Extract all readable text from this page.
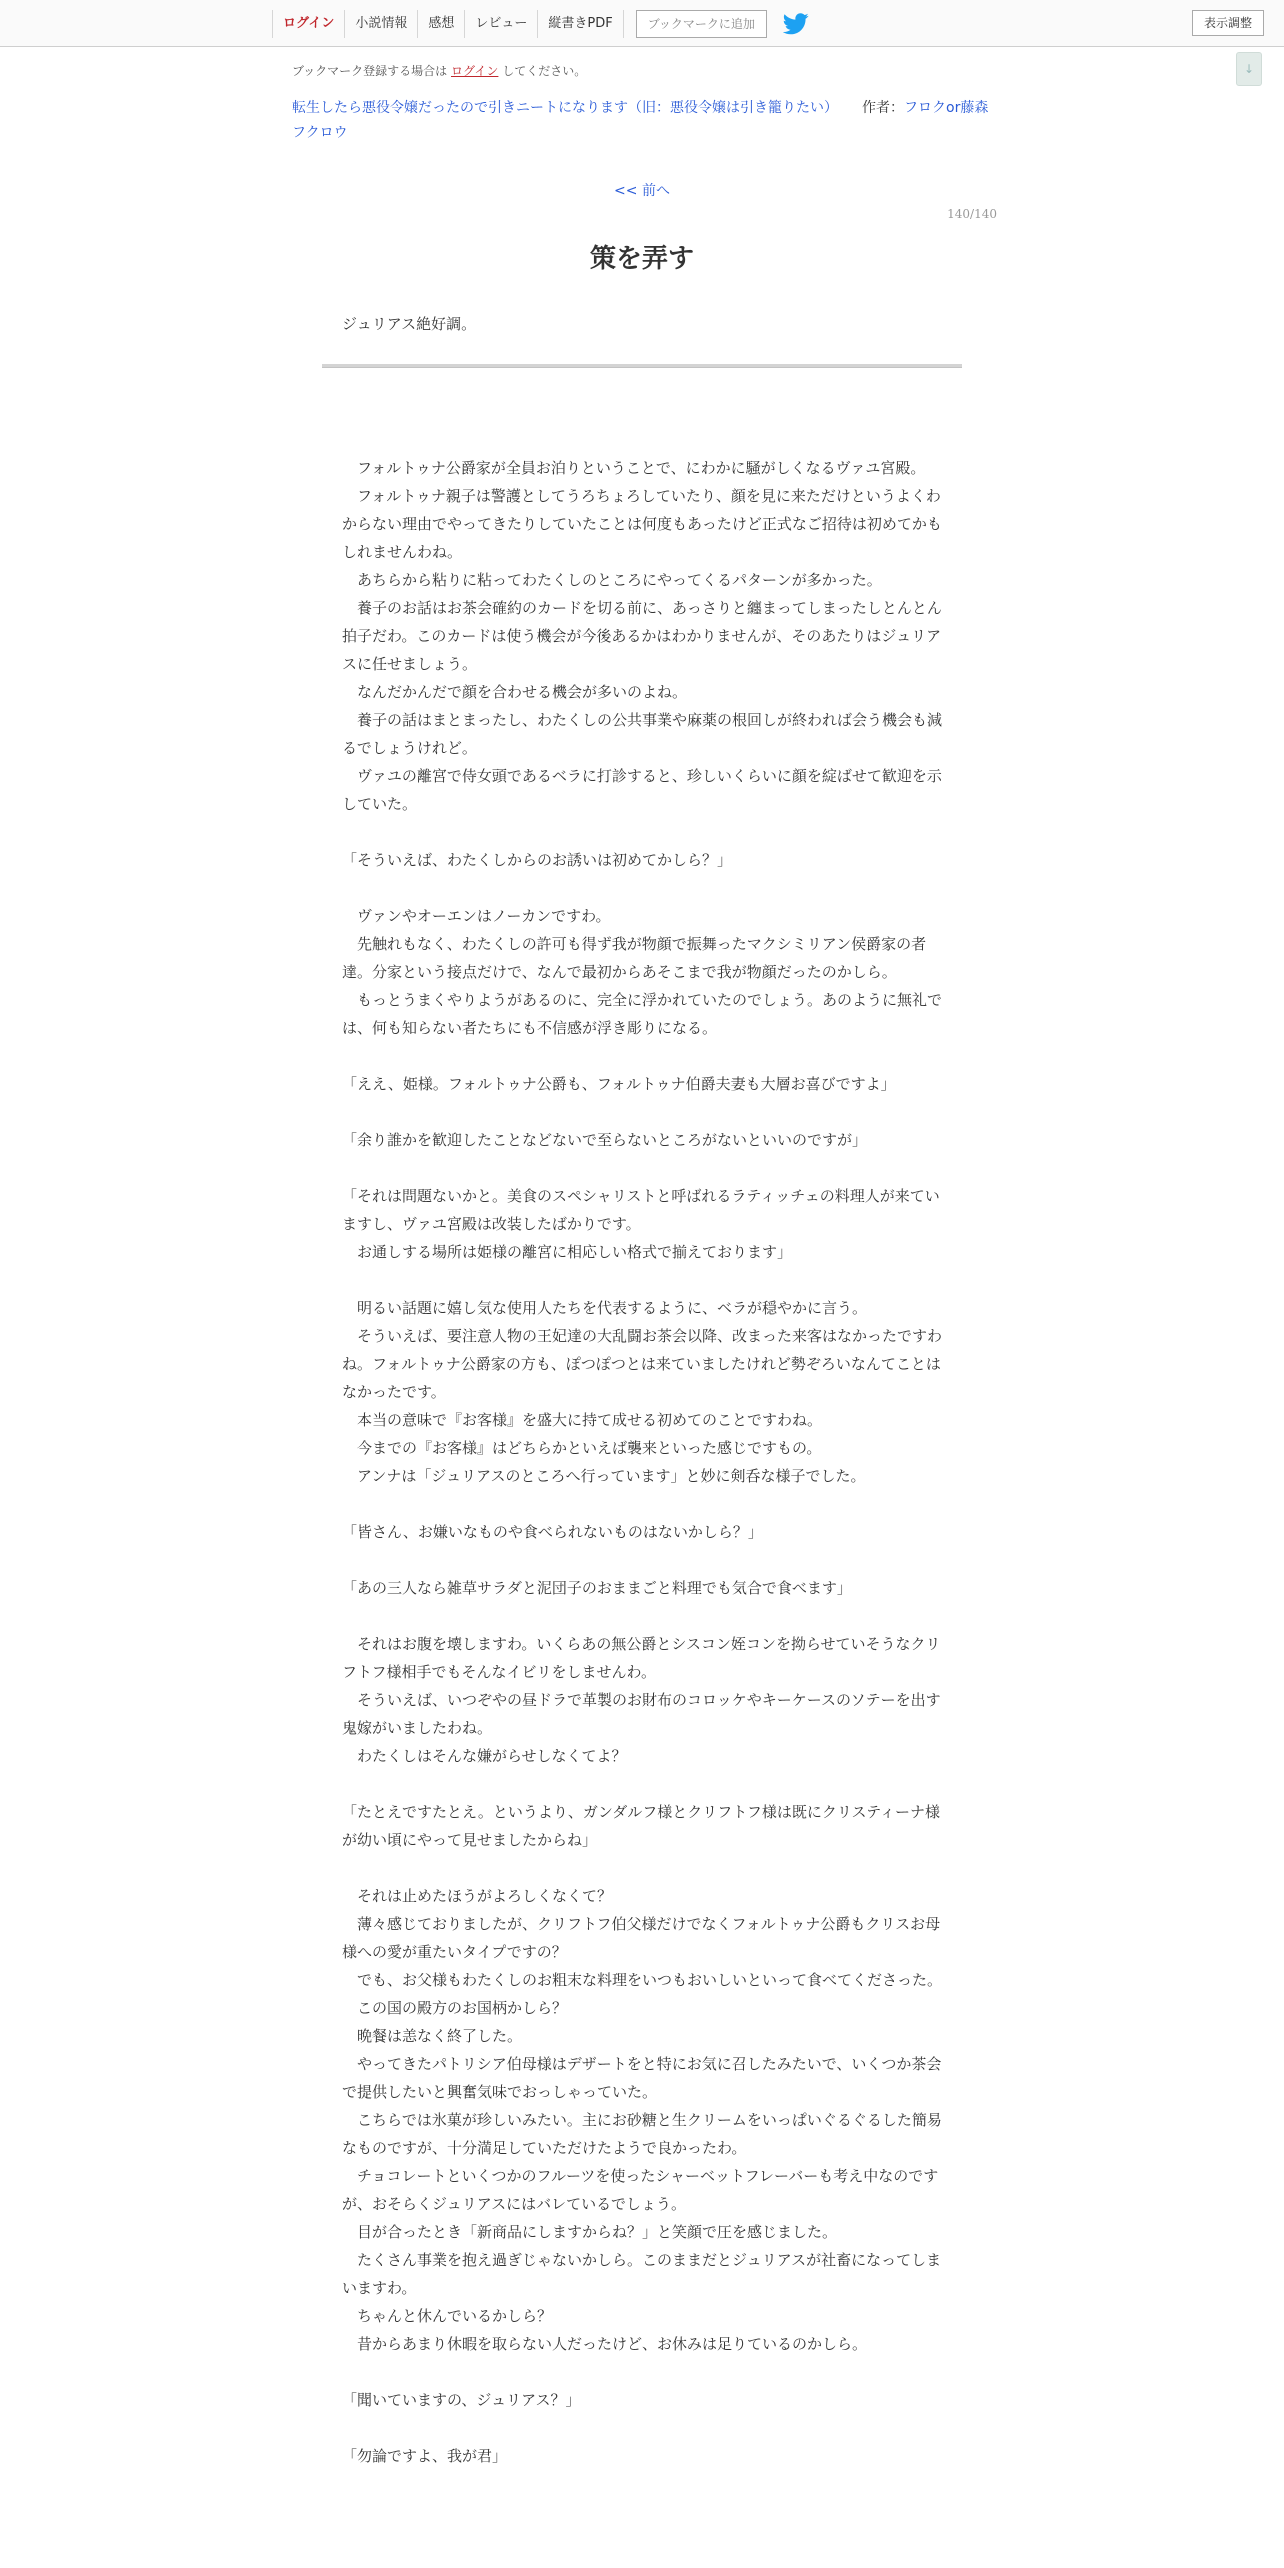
ログイン	小説情報	感想	レビュー	縦書きPDF	ブックマークに追加	表示調整
↓
ブックマーク登録する場合は ログイン してください。
転生したら悪役令嬢だったので引きニートになります（旧：悪役令嬢は引き籠りたい）	作者：フロクor藤森
フクロウ
<< 前へ
140/140
策を弄す
ジュリアス絶好調。

　フォルトゥナ公爵家が全員お泊りということで、にわかに騒がしくなるヴァユ宮殿。

　フォルトゥナ親子は警護としてうろちょろしていたり、顔を見に来ただけというよくわからない理由でやってきたりしていたことは何度もあったけど正式なご招待は初めてかもしれませんわね。

　あちらから粘りに粘ってわたくしのところにやってくるパターンが多かった。

　養子のお話はお茶会確約のカードを切る前に、あっさりと纏まってしまったしとんとん拍子だわ。このカードは使う機会が今後あるかはわかりませんが、そのあたりはジュリアスに任せましょう。

　なんだかんだで顔を合わせる機会が多いのよね。

　養子の話はまとまったし、わたくしの公共事業や麻薬の根回しが終われば会う機会も減るでしょうけれど。

　ヴァユの離宮で侍女頭であるベラに打診すると、珍しいくらいに顔を綻ばせて歓迎を示していた。

「そういえば、わたくしからのお誘いは初めてかしら？」

　ヴァンやオーエンはノーカンですわ。

　先触れもなく、わたくしの許可も得ず我が物顔で振舞ったマクシミリアン侯爵家の者達。分家という接点だけで、なんで最初からあそこまで我が物顔だったのかしら。

　もっとうまくやりようがあるのに、完全に浮かれていたのでしょう。あのように無礼では、何も知らない者たちにも不信感が浮き彫りになる。

「ええ、姫様。フォルトゥナ公爵も、フォルトゥナ伯爵夫妻も大層お喜びですよ」

「余り誰かを歓迎したことなどないで至らないところがないといいのですが」

「それは問題ないかと。美食のスペシャリストと呼ばれるラティッチェの料理人が来ていますし、ヴァユ宮殿は改装したばかりです。

　お通しする場所は姫様の離宮に相応しい格式で揃えております」

　明るい話題に嬉し気な使用人たちを代表するように、ベラが穏やかに言う。

　そういえば、要注意人物の王妃達の大乱闘お茶会以降、改まった来客はなかったですわね。フォルトゥナ公爵家の方も、ぽつぽつとは来ていましたけれど勢ぞろいなんてことはなかったです。

　本当の意味で『お客様』を盛大に持て成せる初めてのことですわね。

　今までの『お客様』はどちらかといえば襲来といった感じですもの。

　アンナは「ジュリアスのところへ行っています」と妙に剣呑な様子でした。

「皆さん、お嫌いなものや食べられないものはないかしら？」

「あの三人なら雑草サラダと泥団子のおままごと料理でも気合で食べます」

　それはお腹を壊しますわ。いくらあの無公爵とシスコン姪コンを拗らせていそうなクリフトフ様相手でもそんなイビリをしませんわ。

　そういえば、いつぞやの昼ドラで革製のお財布のコロッケやキーケースのソテーを出す鬼嫁がいましたわね。

　わたくしはそんな嫌がらせしなくてよ？

「たとえですたとえ。というより、ガンダルフ様とクリフトフ様は既にクリスティーナ様が幼い頃にやって見せましたからね」

　それは止めたほうがよろしくなくて？

　薄々感じておりましたが、クリフトフ伯父様だけでなくフォルトゥナ公爵もクリスお母様への愛が重たいタイプですの？

　でも、お父様もわたくしのお粗末な料理をいつもおいしいといって食べてくださった。

　この国の殿方のお国柄かしら？

　晩餐は恙なく終了した。

　やってきたパトリシア伯母様はデザートをと特にお気に召したみたいで、いくつか茶会で提供したいと興奮気味でおっしゃっていた。

　こちらでは氷菓が珍しいみたい。主にお砂糖と生クリームをいっぱいぐるぐるした簡易なものですが、十分満足していただけたようで良かったわ。

　チョコレートといくつかのフルーツを使ったシャーベットフレーバーも考え中なのですが、おそらくジュリアスにはバレているでしょう。

　目が合ったとき「新商品にしますからね？」と笑顔で圧を感じました。

　たくさん事業を抱え過ぎじゃないかしら。このままだとジュリアスが社畜になってしまいますわ。

　ちゃんと休んでいるかしら？

　昔からあまり休暇を取らない人だったけど、お休みは足りているのかしら。

「聞いていますの、ジュリアス？」

「勿論ですよ、我が君」
